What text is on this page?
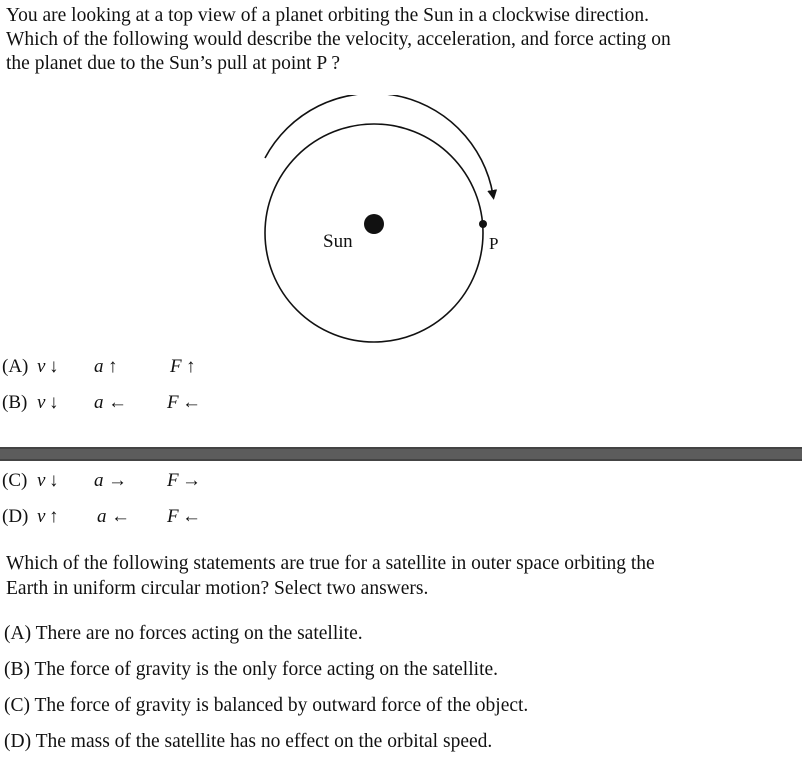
You are looking at a top view of a planet orbiting the Sun in a clockwise direction.
Which of the following would describe the velocity, acceleration, and force acting on
the planet due to the Sun’s pull at point P ?
Sun	P
(A) v ↓ a ↑	F ↑
(B) v ↓ a ← F ←
(C) v ↓ a → F →
(D) v ↑ a ← F ←
Which of the following statements are true for a satellite in outer space orbiting the
Earth in uniform circular motion? Select two answers.
(A) There are no forces acting on the satellite.
(B) The force of gravity is the only force acting on the satellite.
(C) The force of gravity is balanced by outward force of the object.
(D) The mass of the satellite has no effect on the orbital speed.
